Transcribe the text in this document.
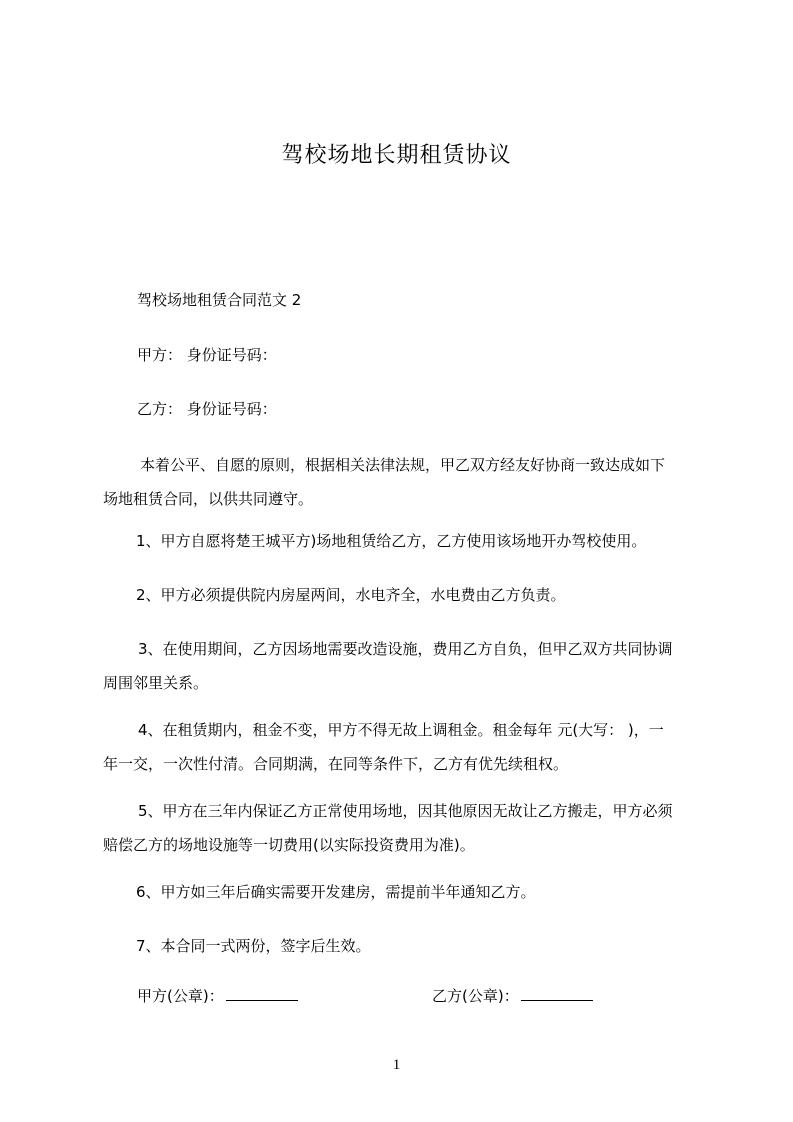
驾校场地长期租赁协议
驾校场地租赁合同范文 2
甲方： 身份证号码：
乙方： 身份证号码：
本着公平、自愿的原则，根据相关法律法规，甲乙双方经友好协商一致达成如下
场地租赁合同，以供共同遵守。
1、甲方自愿将楚王城平方)场地租赁给乙方，乙方使用该场地开办驾校使用。
2、甲方必须提供院内房屋两间，水电齐全，水电费由乙方负责。
3、在使用期间，乙方因场地需要改造设施，费用乙方自负，但甲乙双方共同协调
周围邻里关系。
4、在租赁期内，租金不变，甲方不得无故上调租金。租金每年 元(大写： )，一
年一交，一次性付清。合同期满，在同等条件下，乙方有优先续租权。
5、甲方在三年内保证乙方正常使用场地，因其他原因无故让乙方搬走，甲方必须
赔偿乙方的场地设施等一切费用(以实际投资费用为准)。
6、甲方如三年后确实需要开发建房，需提前半年通知乙方。
7、本合同一式两份，签字后生效。
甲方(公章)：	乙方(公章)：
1
